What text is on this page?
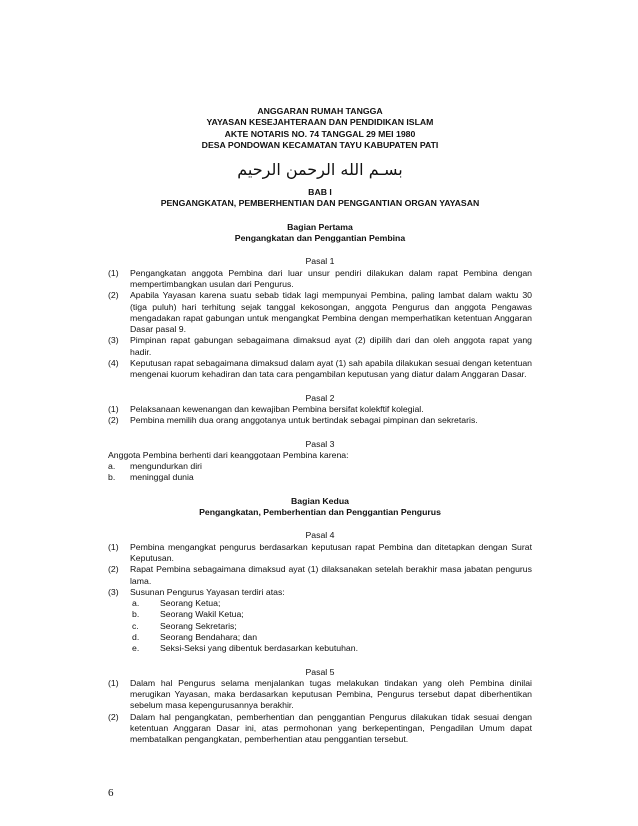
ANGGARAN RUMAH TANGGA
YAYASAN KESEJAHTERAAN DAN PENDIDIKAN ISLAM
AKTE NOTARIS NO. 74 TANGGAL 29 MEI 1980
DESA PONDOWAN KECAMATAN TAYU KABUPATEN PATI
بسـم الله الرحمن الرحيم
BAB I
PENGANGKATAN, PEMBERHENTIAN DAN PENGGANTIAN ORGAN YAYASAN
Bagian Pertama
Pengangkatan dan Penggantian Pembina
Pasal 1
(1)	Pengangkatan anggota Pembina dari luar unsur pendiri dilakukan dalam rapat Pembina dengan mempertimbangkan usulan dari Pengurus.
(2)	Apabila Yayasan karena suatu sebab tidak lagi mempunyai Pembina, paling lambat dalam waktu 30 (tiga puluh) hari terhitung sejak tanggal kekosongan, anggota Pengurus dan anggota Pengawas mengadakan rapat gabungan untuk mengangkat Pembina dengan memperhatikan ketentuan Anggaran Dasar pasal 9.
(3)	Pimpinan rapat gabungan sebagaimana dimaksud ayat (2) dipilih dari dan oleh anggota rapat yang hadir.
(4)	Keputusan rapat sebagaimana dimaksud dalam ayat (1) sah apabila dilakukan sesuai dengan ketentuan mengenai kuorum kehadiran dan tata cara pengambilan keputusan yang diatur dalam Anggaran Dasar.
Pasal 2
(1)	Pelaksanaan kewenangan dan kewajiban Pembina bersifat kolekftif kolegial.
(2)	Pembina memilih dua orang anggotanya untuk bertindak sebagai pimpinan dan sekretaris.
Pasal 3
Anggota Pembina berhenti dari keanggotaan Pembina karena:
a.	mengundurkan diri
b.	meninggal dunia
Bagian Kedua
Pengangkatan, Pemberhentian dan Penggantian Pengurus
Pasal 4
(1)	Pembina mengangkat pengurus berdasarkan keputusan rapat Pembina dan ditetapkan dengan Surat Keputusan.
(2)	Rapat Pembina sebagaimana dimaksud ayat (1) dilaksanakan setelah berakhir masa jabatan pengurus lama.
(3)	Susunan Pengurus Yayasan terdiri atas:
a.	Seorang Ketua;
b.	Seorang Wakil Ketua;
c.	Seorang Sekretaris;
d.	Seorang Bendahara; dan
e.	Seksi-Seksi yang dibentuk berdasarkan kebutuhan.
Pasal 5
(1)	Dalam hal Pengurus selama menjalankan tugas melakukan tindakan yang oleh Pembina dinilai merugikan Yayasan, maka berdasarkan keputusan Pembina, Pengurus tersebut dapat diberhentikan sebelum masa kepengurusannya berakhir.
(2)	Dalam hal pengangkatan, pemberhentian dan penggantian Pengurus dilakukan tidak sesuai dengan ketentuan Anggaran Dasar ini, atas permohonan yang berkepentingan, Pengadilan Umum dapat membatalkan pengangkatan, pemberhentian atau penggantian tersebut.
6
